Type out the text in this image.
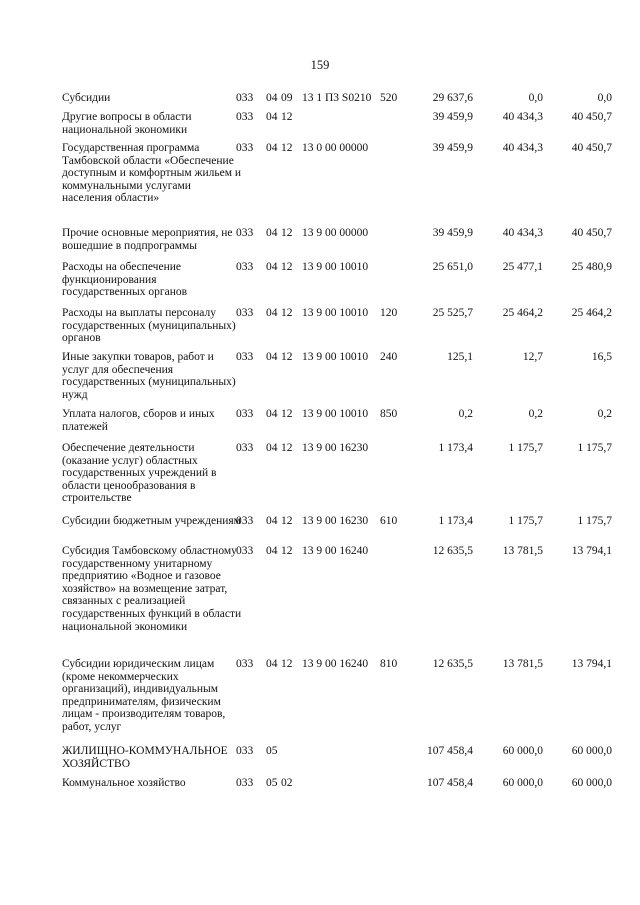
159
Субсидии	033 04 09 13 1 П3 S0210 520	29 637,6	0,0	0,0
Другие вопросы в области национальной экономики
033 04 12	39 459,9	40 434,3	40 450,7
Государственная программа Тамбовской области «Обеспечение доступным и комфортным жильем и коммунальными услугами населения области»
033 04 12 13 0 00 00000	39 459,9	40 434,3	40 450,7
Прочие основные мероприятия, не вошедшие в подпрограммы
033 04 12 13 9 00 00000	39 459,9	40 434,3	40 450,7
Расходы на обеспечение функционирования государственных органов
033 04 12 13 9 00 10010	25 651,0	25 477,1	25 480,9
Расходы на выплаты персоналу государственных (муниципальных) органов
033 04 12 13 9 00 10010 120	25 525,7	25 464,2	25 464,2
Иные закупки товаров, работ и услуг для обеспечения государственных (муниципальных) нужд
033 04 12 13 9 00 10010 240	125,1	12,7	16,5
Уплата налогов, сборов и иных платежей
033 04 12 13 9 00 10010 850	0,2	0,2	0,2
Обеспечение деятельности (оказание услуг) областных государственных учреждений в области ценообразования в строительстве
033 04 12 13 9 00 16230	1 173,4	1 175,7	1 175,7
Субсидии бюджетным учреждениям
033 04 12 13 9 00 16230 610	1 173,4	1 175,7	1 175,7
Субсидия Тамбовскому областному государственному унитарному предприятию «Водное и газовое хозяйство» на возмещение затрат, связанных с реализацией государственных функций в области национальной экономики
033 04 12 13 9 00 16240	12 635,5	13 781,5	13 794,1
Субсидии юридическим лицам (кроме некоммерческих организаций), индивидуальным предпринимателям, физическим лицам - производителям товаров, работ, услуг
033 04 12 13 9 00 16240 810	12 635,5	13 781,5	13 794,1
ЖИЛИЩНО-КОММУНАЛЬНОЕ ХОЗЯЙСТВО
033 05	107 458,4	60 000,0	60 000,0
Коммунальное хозяйство	033 05 02	107 458,4	60 000,0	60 000,0
